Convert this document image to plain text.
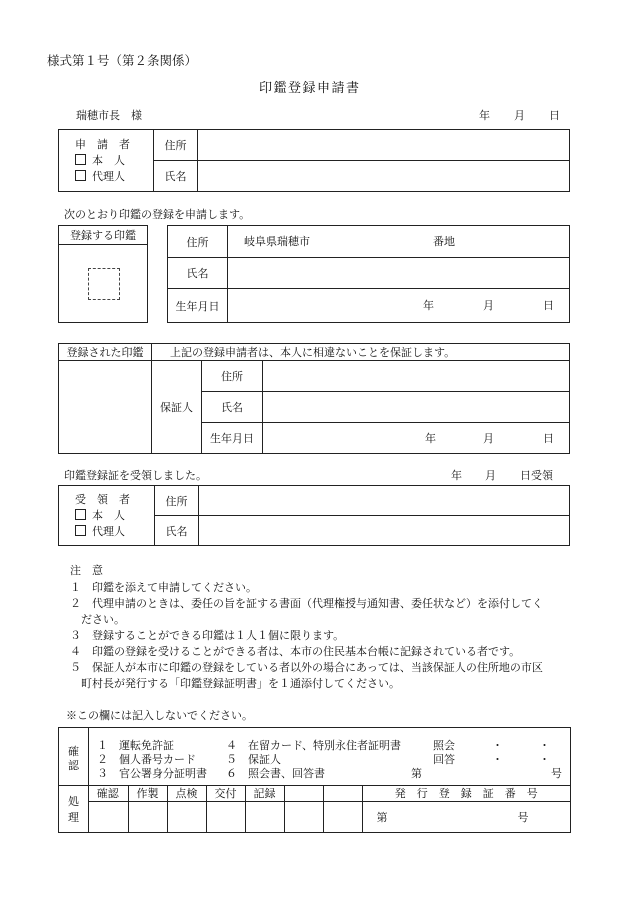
様式第１号（第２条関係）
印鑑登録申請書
瑞穂市長　様	年 月 日
申　請　者
本　人
代理人	住所	
	氏名	
次のとおり印鑑の登録を申請します。
登録する印鑑	住所	岐阜県瑞穂市 番地

氏名	
生年月日	年 月 日
登録された印鑑	上記の登録申請者は、本人に相違ないことを保証します。		
	保証人	住所	
		氏名	
		生年月日	年 月 日
印鑑登録証を受領しました。	年 月 日受領
受　領　者
本　人
代理人	住所	
	氏名	
注　意
１　印鑑を添えて申請してください。
２　代理申請のときは、委任の旨を証する書面（代理権授与通知書、委任状など）を添付してく
　ださい。
３　登録することができる印鑑は１人１個に限ります。
４　印鑑の登録を受けることができる者は、本市の住民基本台帳に記録されている者です。
５　保証人が本市に印鑑の登録をしている者以外の場合にあっては、当該保証人の住所地の市区
　町村長が発行する「印鑑登録証明書」を１通添付してください。
※この欄には記入しないでください。
確
認
１　運転免許証
２　個人番号カード
３　官公署身分証明書
４　在留カード、特別永住者証明書
５　保証人
６　照会書、回答書
照会
回答
・	・
・	・
第	号
処
理
確認	作製	点検	交付	記録			発　行　登　録　証　番　号

							第 号
